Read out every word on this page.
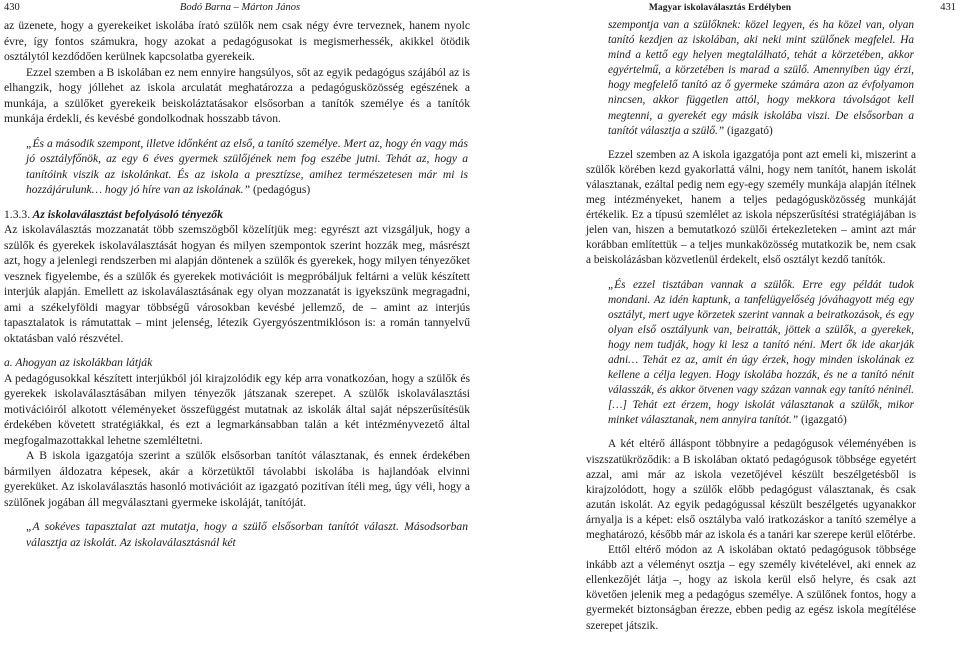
430	Bodó Barna – Márton János

az üzenete, hogy a gyerekeiket iskolába íratό szülők nem csak négy évre terveznek, hanem nyolc évre, így fontos számukra, hogy azokat a pedagógusokat is megismerhessék, akikkel ötödik osztálytól kezdődően kerülnek kapcsolatba gyerekeik.

Ezzel szemben a B iskolában ez nem ennyire hangsúlyos, sőt az egyik pedagógus szájából az is elhangzik, hogy jóllehet az iskola arculatát meghatározza a pedagógusközösség egészének a munkája, a szülőket gyerekeik beiskoláztatásakor elsősorban a tanítók személye és a tanítók munkája érdekli, és kevésbé gondolkodnak hosszabb távon.

„És a második szempont, illetve időnként az első, a tanító személye. Mert az, hogy én vagy más jó osztályfőnök, az egy 6 éves gyermek szülőjének nem fog eszébe jutni. Tehát az, hogy a tanítóink viszik az iskolánkat. És az iskola a presztízse, amihez természetesen már mi is hozzájárulunk… hogy jó híre van az iskolának.” (pedagógus)

1.3.3. Az iskolaválasztást befolyásoló tényezők

Az iskolaválasztás mozzanatát több szemszögből közelítjük meg: egyrészt azt vizsgáljuk, hogy a szülők és gyerekek iskolaválasztását hogyan és milyen szempontok szerint hozzák meg, másrészt azt, hogy a jelenlegi rendszerben mi alapján döntenek a szülők és gyerekek, hogy milyen tényezőket vesznek figyelembe, és a szülők és gyerekek motivációit is megpróbáljuk feltárni a velük készített interjúk alapján. Emellett az iskolaválasztásának egy olyan mozzanatát is igyekszünk megragadni, ami a székelyföldi magyar többségű városokban kevésbé jellemző, de – amint az interjús tapasztalatok is rámutattak – mint jelenség, létezik Gyergyószentmiklóson is: a román tannyelvű oktatásban való részvétel.

a. Ahogyan az iskolákban látják

A pedagógusokkal készített interjúkból jól kirajzolódik egy kép arra vonatkozóan, hogy a szülők és gyerekek iskolaválasztásában milyen tényezők játszanak szerepet. A szülők iskolaválasztási motivációiról alkotott véleményeket összefüggést mutatnak az iskolák által saját népszerűsítésük érdekében követett stratégiákkal, és ezt a legmarkánsabban talán a két intézményvezető által megfogalmazottakkal lehetne szemléltetni.

A B iskola igazgatója szerint a szülők elsősorban tanítót választanak, és ennek érdekében bármilyen áldozatra képesek, akár a körzetüktől távolabbi iskolába is hajlandóak elvinni gyereküket. Az iskolaválasztás hasonló motivációit az igazgató pozitívan ítéli meg, úgy véli, hogy a szülőnek jogában áll megválasztani gyermeke iskoláját, tanítóját.

„A sokéves tapasztalat azt mutatja, hogy a szülő elsősorban tanítót választ. Másodsorban választja az iskolát. Az iskolaválasztásnál két

Magyar iskolaválasztás Erdélyben	431

szempontja van a szülőknek: közel legyen, és ha közel van, olyan tanító kezdjen az iskolában, aki neki mint szülőnek megfelel. Ha mind a kettő egy helyen megtalálható, tehát a körzetében, akkor egyértelmű, a körzetében is marad a szülő. Amennyiben úgy érzi, hogy megfelelő tanító az ő gyermeke számára azon az évfolyamon nincsen, akkor független attól, hogy mekkora távolságot kell megtenni, a gyerekét egy másik iskolába viszi. De elsősorban a tanítót választja a szülő.” (igazgató)

Ezzel szemben az A iskola igazgatója pont azt emeli ki, miszerint a szülők körében kezd gyakorlattá válni, hogy nem tanítót, hanem iskolát választanak, ezáltal pedig nem egy-egy személy munkája alapján ítélnek meg intézményeket, hanem a teljes pedagógusközösség munkáját értékelik. Ez a típusú szemlélet az iskola népszerűsítési stratégiájában is jelen van, hiszen a bemutatkozó szülői értekezleteken – amint azt már korábban említettük – a teljes munkaközösség mutatkozik be, nem csak a beiskolázásban közvetlenül érdekelt, első osztályt kezdő tanítók.

„És ezzel tisztában vannak a szülők. Erre egy példát tudok mondani. Az idén kaptunk, a tanfelügyelőség jóváhagyott még egy osztályt, mert ugye körzetek szerint vannak a beiratkozások, és egy olyan első osztályunk van, beiratták, jöttek a szülők, a gyerekek, hogy nem tudják, hogy ki lesz a tanító néni. Mert ők ide akarják adni… Tehát ez az, amit én úgy érzek, hogy minden iskolának ez kellene a célja legyen. Hogy iskolába hozzák, és ne a tanító nénit válasszák, és akkor ötvenen vagy százan vannak egy tanító néninél. […] Tehát ezt érzem, hogy iskolát választanak a szülők, mikor minket választanak, nem annyira tanítót.” (igazgató)

A két eltérő álláspont többnyire a pedagógusok véleményében is viszszatükröződik: a B iskolában oktató pedagógusok többsége egyetért azzal, ami már az iskola vezetőjével készült beszélgetésből is kirajzolódott, hogy a szülők előbb pedagógust választanak, és csak azután iskolát. Az egyik pedagógussal készült beszélgetés ugyanakkor árnyalja is a képet: első osztályba való iratkozáskor a tanító személye a meghatározó, később már az iskola és a tanári kar szerepe kerül előtérbe.

Ettől eltérő módon az A iskolában oktató pedagógusok többsége inkább azt a véleményt osztja – egy személy kivételével, aki ennek az ellenkezőjét látja –, hogy az iskola kerül első helyre, és csak azt követően jelenik meg a pedagógus személye. A szülőnek fontos, hogy a gyermekét biztonságban érezze, ebben pedig az egész iskola megítélése szerepet játszik.
